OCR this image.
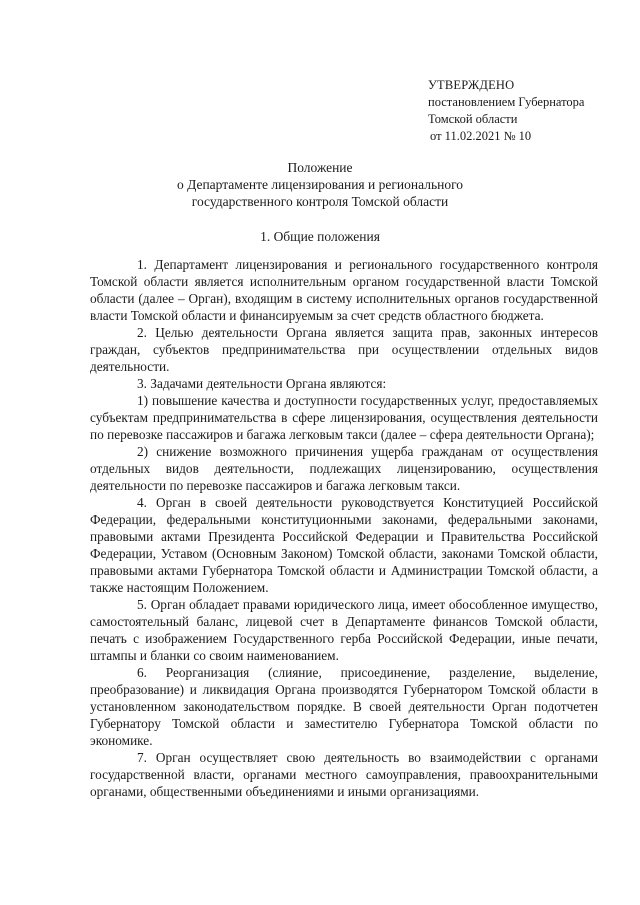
УТВЕРЖДЕНО
постановлением Губернатора
Томской области
от 11.02.2021 № 10
Положение
о Департаменте лицензирования и регионального
государственного контроля Томской области
1. Общие положения

1. Департамент лицензирования и регионального государственного контроля Томской области является исполнительным органом государственной власти Томской области (далее – Орган), входящим в систему исполнительных органов государственной власти Томской области и финансируемым за счет средств областного бюджета.

2. Целью деятельности Органа является защита прав, законных интересов граждан, субъектов предпринимательства при осуществлении отдельных видов деятельности.

3. Задачами деятельности Органа являются:

1) повышение качества и доступности государственных услуг, предоставляемых субъектам предпринимательства в сфере лицензирования, осуществления деятельности по перевозке пассажиров и багажа легковым такси (далее – сфера деятельности Органа);

2) снижение возможного причинения ущерба гражданам от осуществления отдельных видов деятельности, подлежащих лицензированию, осуществления деятельности по перевозке пассажиров и багажа легковым такси.

4. Орган в своей деятельности руководствуется Конституцией Российской Федерации, федеральными конституционными законами, федеральными законами, правовыми актами Президента Российской Федерации и Правительства Российской Федерации, Уставом (Основным Законом) Томской области, законами Томской области, правовыми актами Губернатора Томской области и Администрации Томской области, а также настоящим Положением.

5. Орган обладает правами юридического лица, имеет обособленное имущество, самостоятельный баланс, лицевой счет в Департаменте финансов Томской области, печать с изображением Государственного герба Российской Федерации, иные печати, штампы и бланки со своим наименованием.

6. Реорганизация (слияние, присоединение, разделение, выделение, преобразование) и ликвидация Органа производятся Губернатором Томской области в установленном законодательством порядке. В своей деятельности Орган подотчетен Губернатору Томской области и заместителю Губернатора Томской области по экономике.

7. Орган осуществляет свою деятельность во взаимодействии с органами государственной власти, органами местного самоуправления, правоохранительными органами, общественными объединениями и иными организациями.
